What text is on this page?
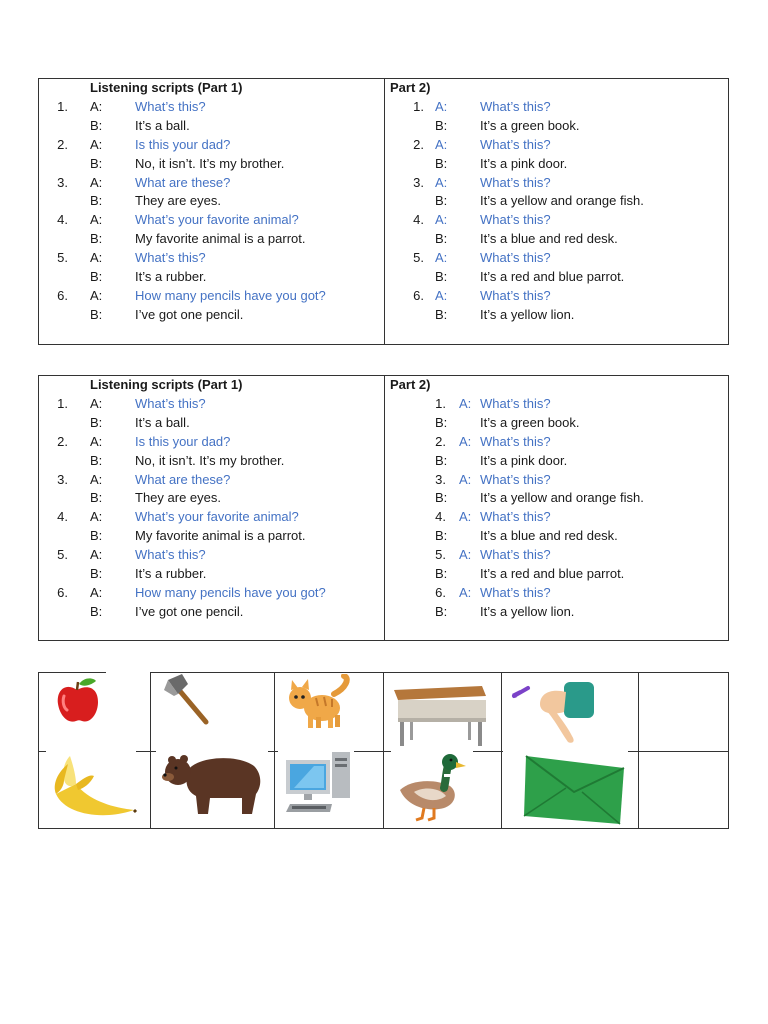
Listening scripts (Part 1)
1. A:	What’s this?
B:	It’s a ball.
2. A:	Is this your dad?
B:	No, it isn’t. It’s my brother.
3. A:	What are these?
B:	They are eyes.
4. A:	What’s your favorite animal?
B:	My favorite animal is a parrot.
5. A:	What’s this?
B:	It’s a rubber.
6. A:	How many pencils have you got?
B:	I’ve got one pencil.
Part 2)
1. A:	What’s this?
B:	It’s a green book.
2. A:	What’s this?
B:	It’s a pink door.
3. A:	What’s this?
B:	It’s a yellow and orange fish.
4. A:	What’s this?
B:	It’s a blue and red desk.
5. A:	What’s this?
B:	It’s a red and blue parrot.
6. A:	What’s this?
B:	It’s a yellow lion.
Listening scripts (Part 1)
1. A:	What’s this?
B:	It’s a ball.
2. A:	Is this your dad?
B:	No, it isn’t. It’s my brother.
3. A:	What are these?
B:	They are eyes.
4. A:	What’s your favorite animal?
B:	My favorite animal is a parrot.
5. A:	What’s this?
B:	It’s a rubber.
6. A:	How many pencils have you got?
B:	I’ve got one pencil.
Part 2)
1. A: What’s this?
B:	It’s a green book.
2. A: What’s this?
B:	It’s a pink door.
3. A: What’s this?
B:	It’s a yellow and orange fish.
4. A: What’s this?
B:	It’s a blue and red desk.
5. A: What’s this?
B:	It’s a red and blue parrot.
6. A: What’s this?
B:	It’s a yellow lion.
